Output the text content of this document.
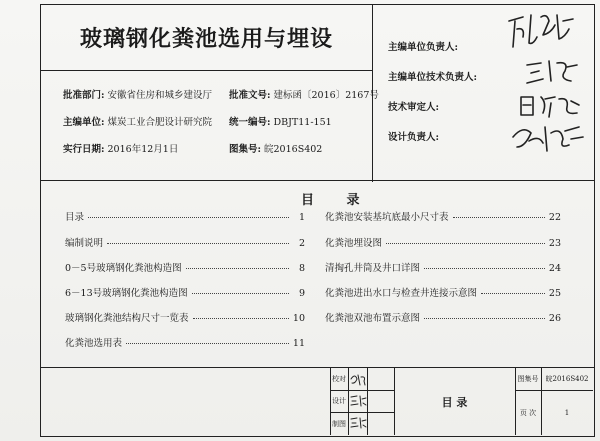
玻璃钢化粪池选用与埋设
批准部门: 安徽省住房和城乡建设厅 批准文号: 建标函〔2016〕2167号
主编单位: 煤炭工业合肥设计研究院 统一编号: DBJT11-151
实行日期: 2016年12月1日	图集号: 皖2016S402
主编单位负责人:
主编单位技术负责人:
技术审定人:
设计负责人:
目 录
目录	1
编制说明	2
0－5号玻璃钢化粪池构造图	8
6－13号玻璃钢化粪池构造图	9
玻璃钢化粪池结构尺寸一览表	10
化粪池选用表	11
化粪池安装基坑底最小尺寸表	22
化粪池埋设图	23
清掏孔井筒及井口详图	24
化粪池进出水口与检查井连接示意图	25
化粪池双池布置示意图	26
校对
设计
制图
目 录
图集号	皖2016S402
页 次	1
